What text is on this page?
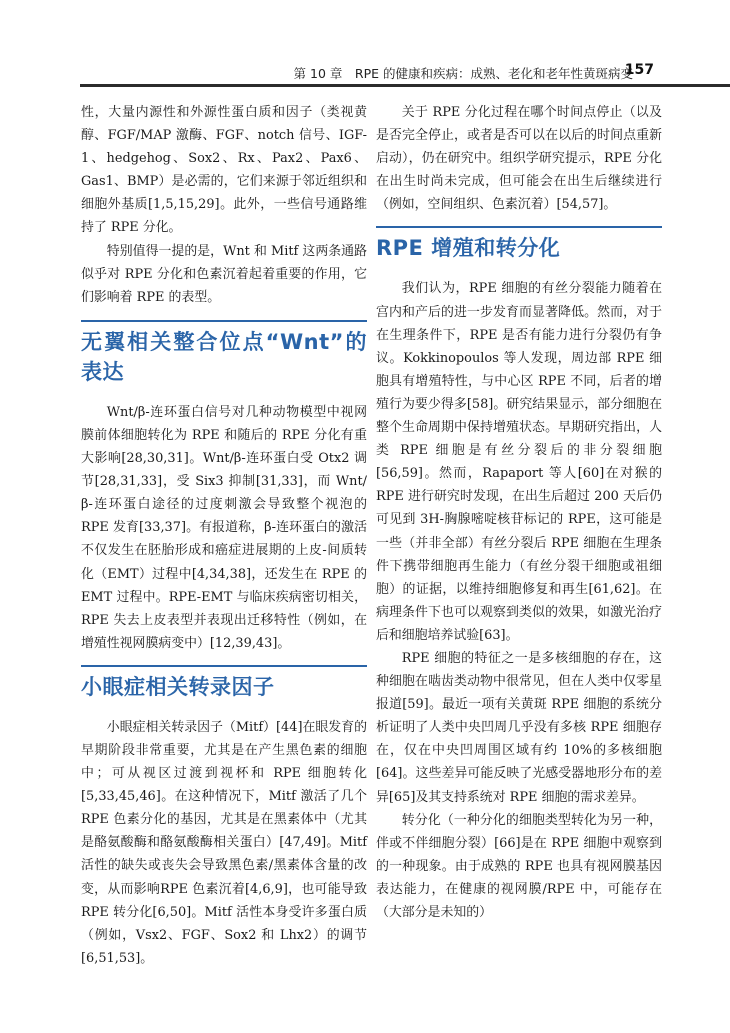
第 10 章　RPE 的健康和疾病：成熟、老化和老年性黄斑病变
157

性，大量内源性和外源性蛋白质和因子（类视黄醇、FGF/MAP 激酶、FGF、notch 信号、IGF-1、hedgehog、Sox2、Rx、Pax2、Pax6、Gas1、BMP）是必需的，它们来源于邻近组织和细胞外基质[1,5,15,29]。此外，一些信号通路维持了 RPE 分化。

特别值得一提的是，Wnt 和 Mitf 这两条通路似乎对 RPE 分化和色素沉着起着重要的作用，它们影响着 RPE 的表型。

无翼相关整合位点“Wnt”的表达

Wnt/β-连环蛋白信号对几种动物模型中视网膜前体细胞转化为 RPE 和随后的 RPE 分化有重大影响[28,30,31]。Wnt/β-连环蛋白受 Otx2 调节[28,31,33]，受 Six3 抑制[31,33]，而 Wnt/β-连环蛋白途径的过度刺激会导致整个视泡的 RPE 发育[33,37]。有报道称，β-连环蛋白的激活不仅发生在胚胎形成和癌症进展期的上皮-间质转化（EMT）过程中[4,34,38]，还发生在 RPE 的 EMT 过程中。RPE-EMT 与临床疾病密切相关，RPE 失去上皮表型并表现出迁移特性（例如，在增殖性视网膜病变中）[12,39,43]。

小眼症相关转录因子

小眼症相关转录因子（Mitf）[44]在眼发育的早期阶段非常重要，尤其是在产生黑色素的细胞中；可从视区过渡到视杯和 RPE 细胞转化[5,33,45,46]。在这种情况下，Mitf 激活了几个 RPE 色素分化的基因，尤其是在黑素体中（尤其是酪氨酸酶和酪氨酸酶相关蛋白）[47,49]。Mitf 活性的缺失或丧失会导致黑色素/黑素体含量的改变，从而影响RPE 色素沉着[4,6,9]，也可能导致 RPE 转分化[6,50]。Mitf 活性本身受许多蛋白质（例如，Vsx2、FGF、Sox2 和 Lhx2）的调节[6,51,53]。

关于 RPE 分化过程在哪个时间点停止（以及是否完全停止，或者是否可以在以后的时间点重新启动），仍在研究中。组织学研究提示，RPE 分化在出生时尚未完成，但可能会在出生后继续进行（例如，空间组织、色素沉着）[54,57]。

RPE 增殖和转分化

我们认为，RPE 细胞的有丝分裂能力随着在宫内和产后的进一步发育而显著降低。然而，对于在生理条件下，RPE 是否有能力进行分裂仍有争议。Kokkinopoulos 等人发现，周边部 RPE 细胞具有增殖特性，与中心区 RPE 不同，后者的增殖行为要少得多[58]。研究结果显示，部分细胞在整个生命周期中保持增殖状态。早期研究指出，人类 RPE 细胞是有丝分裂后的非分裂细胞[56,59]。然而，Rapaport 等人[60]在对猴的 RPE 进行研究时发现，在出生后超过 200 天后仍可见到 3H-胸腺嘧啶核苷标记的 RPE，这可能是一些（并非全部）有丝分裂后 RPE 细胞在生理条件下携带细胞再生能力（有丝分裂干细胞或祖细胞）的证据，以维持细胞修复和再生[61,62]。在病理条件下也可以观察到类似的效果，如激光治疗后和细胞培养试验[63]。

RPE 细胞的特征之一是多核细胞的存在，这种细胞在啮齿类动物中很常见，但在人类中仅零星报道[59]。最近一项有关黄斑 RPE 细胞的系统分析证明了人类中央凹周几乎没有多核 RPE 细胞存在，仅在中央凹周围区域有约 10%的多核细胞[64]。这些差异可能反映了光感受器地形分布的差异[65]及其支持系统对 RPE 细胞的需求差异。

转分化（一种分化的细胞类型转化为另一种，伴或不伴细胞分裂）[66]是在 RPE 细胞中观察到的一种现象。由于成熟的 RPE 也具有视网膜基因表达能力，在健康的视网膜/RPE 中，可能存在（大部分是未知的）
